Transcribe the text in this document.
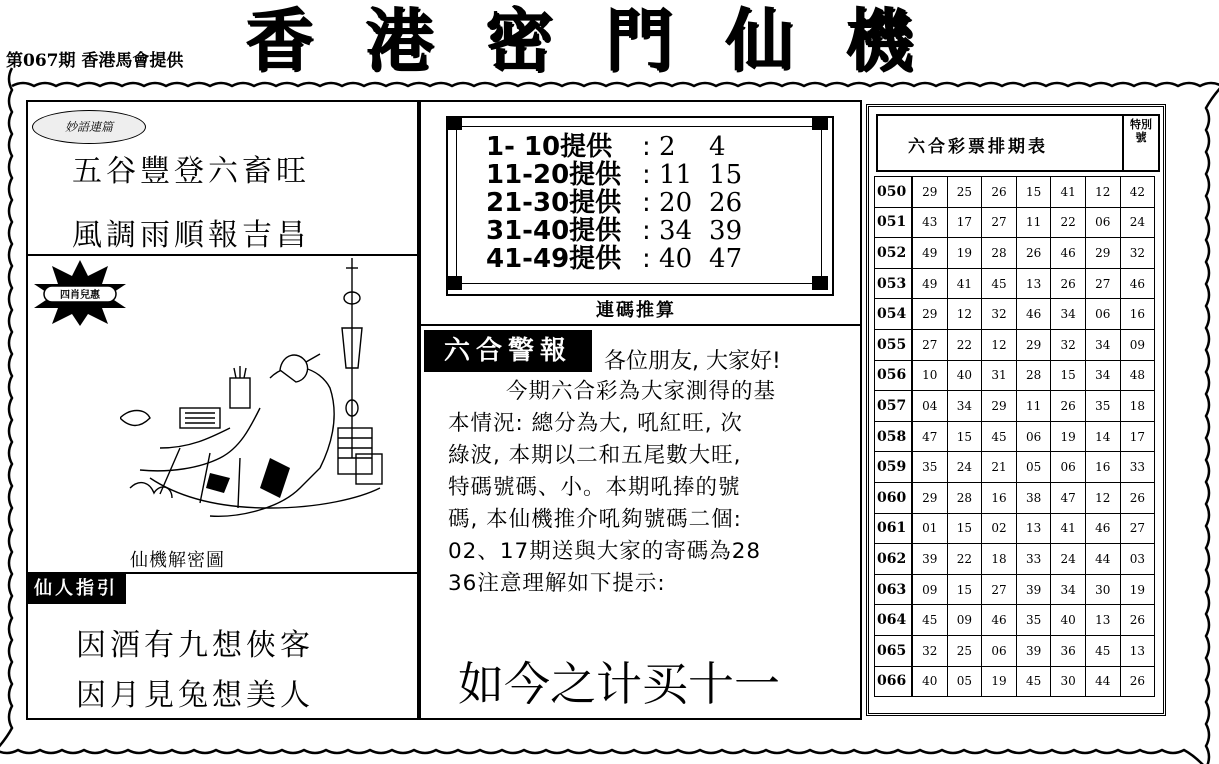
第067期 香港馬會提供 香港密門仙機
妙語連篇
五谷豐登六畜旺
風調雨順報吉昌
四肖兒惠
仙機解密圖
仙人指引
因酒有九想俠客
因月見兔想美人
1- 10提供 : 2 4
11-20提供 : 11 15
21-30提供 : 20 26
31-40提供 : 34 39
41-49提供 : 40 47
連碼推算
六合警報	各位朋友, 大家好!
今期六合彩為大家測得的基
本情況: 總分為大, 吼紅旺, 次
綠波, 本期以二和五尾數大旺,
特碼號碼、小。本期吼捧的號
碼, 本仙機推介吼夠號碼二個:
02、17期送與大家的寄碼為28
36注意理解如下提示:
如今之计买十一
六合彩票排期表
特別號
050	29	25	26	15	41	12	42
051	43	17	27	11	22	06	24
052	49	19	28	26	46	29	32
053	49	41	45	13	26	27	46
054	29	12	32	46	34	06	16
055	27	22	12	29	32	34	09
056	10	40	31	28	15	34	48
057	04	34	29	11	26	35	18
058	47	15	45	06	19	14	17
059	35	24	21	05	06	16	33
060	29	28	16	38	47	12	26
061	01	15	02	13	41	46	27
062	39	22	18	33	24	44	03
063	09	15	27	39	34	30	19
064	45	09	46	35	40	13	26
065	32	25	06	39	36	45	13
066	40	05	19	45	30	44	26
